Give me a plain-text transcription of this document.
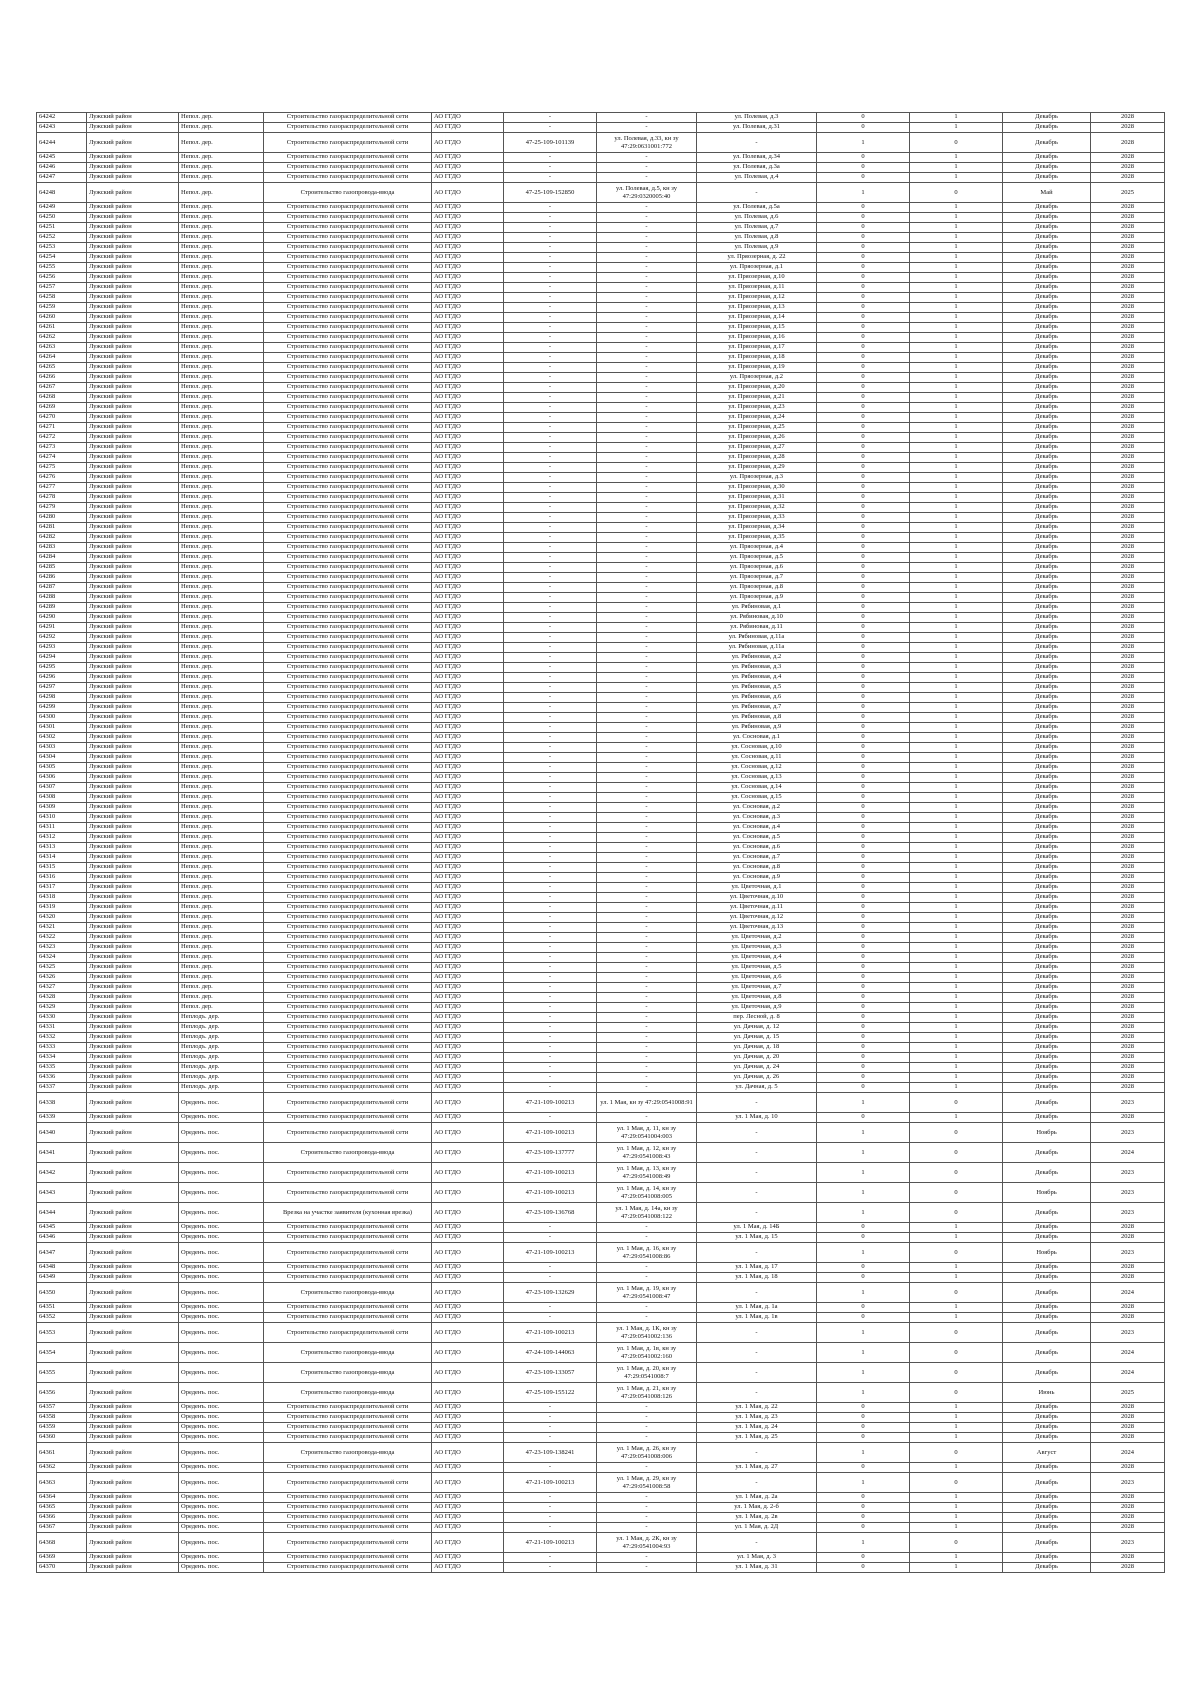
64242	Лужский район	Непол. дер.	Строительство газораспределительной сети	АО ГГДО	-	-	ул. Полевая, д.3	0	1	Декабрь	2028
64243	Лужский район	Непол. дер.	Строительство газораспределительной сети	АО ГГДО	-	-	ул. Полевая, д.31	0	1	Декабрь	2028
64244	Лужский район	Непол. дер.	Строительство газораспределительной сети	АО ГГДО	47-25-109-101139	ул. Полевая, д.33, кн зу 47:29:0631001:772	-	1	0	Декабрь	2028
64245	Лужский район	Непол. дер.	Строительство газораспределительной сети	АО ГГДО	-	-	ул. Полевая, д.34	0	1	Декабрь	2028
64246	Лужский район	Непол. дер.	Строительство газораспределительной сети	АО ГГДО	-	-	ул. Полевая, д.3а	0	1	Декабрь	2028
64247	Лужский район	Непол. дер.	Строительство газораспределительной сети	АО ГГДО	-	-	ул. Полевая, д.4	0	1	Декабрь	2028
64248	Лужский район	Непол. дер.	Строительство газопровода-ввода	АО ГГДО	47-25-109-152850	ул. Полевая, д.5, кн зу 47:29:0320005:40	-	1	0	Май	2025
64249	Лужский район	Непол. дер.	Строительство газораспределительной сети	АО ГГДО	-	-	ул. Полевая, д.5а	0	1	Декабрь	2028
64250	Лужский район	Непол. дер.	Строительство газораспределительной сети	АО ГГДО	-	-	ул. Полевая, д.6	0	1	Декабрь	2028
64251	Лужский район	Непол. дер.	Строительство газораспределительной сети	АО ГГДО	-	-	ул. Полевая, д.7	0	1	Декабрь	2028
64252	Лужский район	Непол. дер.	Строительство газораспределительной сети	АО ГГДО	-	-	ул. Полевая, д.8	0	1	Декабрь	2028
64253	Лужский район	Непол. дер.	Строительство газораспределительной сети	АО ГГДО	-	-	ул. Полевая, д.9	0	1	Декабрь	2028
64254	Лужский район	Непол. дер.	Строительство газораспределительной сети	АО ГГДО	-	-	ул. Пряозерная, д. 22	0	1	Декабрь	2028
64255	Лужский район	Непол. дер.	Строительство газораспределительной сети	АО ГГДО	-	-	ул. Пряозерная, д.1	0	1	Декабрь	2028
64256	Лужский район	Непол. дер.	Строительство газораспределительной сети	АО ГГДО	-	-	ул. Пряозерная, д.10	0	1	Декабрь	2028
64257	Лужский район	Непол. дер.	Строительство газораспределительной сети	АО ГГДО	-	-	ул. Пряозерная, д.11	0	1	Декабрь	2028
64258	Лужский район	Непол. дер.	Строительство газораспределительной сети	АО ГГДО	-	-	ул. Пряозерная, д.12	0	1	Декабрь	2028
64259	Лужский район	Непол. дер.	Строительство газораспределительной сети	АО ГГДО	-	-	ул. Пряозерная, д.13	0	1	Декабрь	2028
64260	Лужский район	Непол. дер.	Строительство газораспределительной сети	АО ГГДО	-	-	ул. Пряозерная, д.14	0	1	Декабрь	2028
64261	Лужский район	Непол. дер.	Строительство газораспределительной сети	АО ГГДО	-	-	ул. Пряозерная, д.15	0	1	Декабрь	2028
64262	Лужский район	Непол. дер.	Строительство газораспределительной сети	АО ГГДО	-	-	ул. Пряозерная, д.16	0	1	Декабрь	2028
64263	Лужский район	Непол. дер.	Строительство газораспределительной сети	АО ГГДО	-	-	ул. Пряозерная, д.17	0	1	Декабрь	2028
64264	Лужский район	Непол. дер.	Строительство газораспределительной сети	АО ГГДО	-	-	ул. Пряозерная, д.18	0	1	Декабрь	2028
64265	Лужский район	Непол. дер.	Строительство газораспределительной сети	АО ГГДО	-	-	ул. Пряозерная, д.19	0	1	Декабрь	2028
64266	Лужский район	Непол. дер.	Строительство газораспределительной сети	АО ГГДО	-	-	ул. Пряозерная, д.2	0	1	Декабрь	2028
64267	Лужский район	Непол. дер.	Строительство газораспределительной сети	АО ГГДО	-	-	ул. Пряозерная, д.20	0	1	Декабрь	2028
64268	Лужский район	Непол. дер.	Строительство газораспределительной сети	АО ГГДО	-	-	ул. Пряозерная, д.21	0	1	Декабрь	2028
64269	Лужский район	Непол. дер.	Строительство газораспределительной сети	АО ГГДО	-	-	ул. Пряозерная, д.23	0	1	Декабрь	2028
64270	Лужский район	Непол. дер.	Строительство газораспределительной сети	АО ГГДО	-	-	ул. Пряозерная, д.24	0	1	Декабрь	2028
64271	Лужский район	Непол. дер.	Строительство газораспределительной сети	АО ГГДО	-	-	ул. Пряозерная, д.25	0	1	Декабрь	2028
64272	Лужский район	Непол. дер.	Строительство газораспределительной сети	АО ГГДО	-	-	ул. Пряозерная, д.26	0	1	Декабрь	2028
64273	Лужский район	Непол. дер.	Строительство газораспределительной сети	АО ГГДО	-	-	ул. Пряозерная, д.27	0	1	Декабрь	2028
64274	Лужский район	Непол. дер.	Строительство газораспределительной сети	АО ГГДО	-	-	ул. Пряозерная, д.28	0	1	Декабрь	2028
64275	Лужский район	Непол. дер.	Строительство газораспределительной сети	АО ГГДО	-	-	ул. Пряозерная, д.29	0	1	Декабрь	2028
64276	Лужский район	Непол. дер.	Строительство газораспределительной сети	АО ГГДО	-	-	ул. Пряозерная, д.3	0	1	Декабрь	2028
64277	Лужский район	Непол. дер.	Строительство газораспределительной сети	АО ГГДО	-	-	ул. Пряозерная, д.30	0	1	Декабрь	2028
64278	Лужский район	Непол. дер.	Строительство газораспределительной сети	АО ГГДО	-	-	ул. Пряозерная, д.31	0	1	Декабрь	2028
64279	Лужский район	Непол. дер.	Строительство газораспределительной сети	АО ГГДО	-	-	ул. Пряозерная, д.32	0	1	Декабрь	2028
64280	Лужский район	Непол. дер.	Строительство газораспределительной сети	АО ГГДО	-	-	ул. Пряозерная, д.33	0	1	Декабрь	2028
64281	Лужский район	Непол. дер.	Строительство газораспределительной сети	АО ГГДО	-	-	ул. Пряозерная, д.34	0	1	Декабрь	2028
64282	Лужский район	Непол. дер.	Строительство газораспределительной сети	АО ГГДО	-	-	ул. Пряозерная, д.35	0	1	Декабрь	2028
64283	Лужский район	Непол. дер.	Строительство газораспределительной сети	АО ГГДО	-	-	ул. Пряозерная, д.4	0	1	Декабрь	2028
64284	Лужский район	Непол. дер.	Строительство газораспределительной сети	АО ГГДО	-	-	ул. Пряозерная, д.5	0	1	Декабрь	2028
64285	Лужский район	Непол. дер.	Строительство газораспределительной сети	АО ГГДО	-	-	ул. Пряозерная, д.6	0	1	Декабрь	2028
64286	Лужский район	Непол. дер.	Строительство газораспределительной сети	АО ГГДО	-	-	ул. Пряозерная, д.7	0	1	Декабрь	2028
64287	Лужский район	Непол. дер.	Строительство газораспределительной сети	АО ГГДО	-	-	ул. Пряозерная, д.8	0	1	Декабрь	2028
64288	Лужский район	Непол. дер.	Строительство газораспределительной сети	АО ГГДО	-	-	ул. Пряозерная, д.9	0	1	Декабрь	2028
64289	Лужский район	Непол. дер.	Строительство газораспределительной сети	АО ГГДО	-	-	ул. Рябиновая, д.1	0	1	Декабрь	2028
64290	Лужский район	Непол. дер.	Строительство газораспределительной сети	АО ГГДО	-	-	ул. Рябиновая, д.10	0	1	Декабрь	2028
64291	Лужский район	Непол. дер.	Строительство газораспределительной сети	АО ГГДО	-	-	ул. Рябиновая, д.11	0	1	Декабрь	2028
64292	Лужский район	Непол. дер.	Строительство газораспределительной сети	АО ГГДО	-	-	ул. Рябиновая, д.11а	0	1	Декабрь	2028
64293	Лужский район	Непол. дер.	Строительство газораспределительной сети	АО ГГДО	-	-	ул. Рябиновая, д.11а	0	1	Декабрь	2028
64294	Лужский район	Непол. дер.	Строительство газораспределительной сети	АО ГГДО	-	-	ул. Рябиновая, д.2	0	1	Декабрь	2028
64295	Лужский район	Непол. дер.	Строительство газораспределительной сети	АО ГГДО	-	-	ул. Рябиновая, д.3	0	1	Декабрь	2028
64296	Лужский район	Непол. дер.	Строительство газораспределительной сети	АО ГГДО	-	-	ул. Рябиновая, д.4	0	1	Декабрь	2028
64297	Лужский район	Непол. дер.	Строительство газораспределительной сети	АО ГГДО	-	-	ул. Рябиновая, д.5	0	1	Декабрь	2028
64298	Лужский район	Непол. дер.	Строительство газораспределительной сети	АО ГГДО	-	-	ул. Рябиновая, д.6	0	1	Декабрь	2028
64299	Лужский район	Непол. дер.	Строительство газораспределительной сети	АО ГГДО	-	-	ул. Рябиновая, д.7	0	1	Декабрь	2028
64300	Лужский район	Непол. дер.	Строительство газораспределительной сети	АО ГГДО	-	-	ул. Рябиновая, д.8	0	1	Декабрь	2028
64301	Лужский район	Непол. дер.	Строительство газораспределительной сети	АО ГГДО	-	-	ул. Рябиновая, д.9	0	1	Декабрь	2028
64302	Лужский район	Непол. дер.	Строительство газораспределительной сети	АО ГГДО	-	-	ул. Сосновая, д.1	0	1	Декабрь	2028
64303	Лужский район	Непол. дер.	Строительство газораспределительной сети	АО ГГДО	-	-	ул. Сосновая, д.10	0	1	Декабрь	2028
64304	Лужский район	Непол. дер.	Строительство газораспределительной сети	АО ГГДО	-	-	ул. Сосновая, д.11	0	1	Декабрь	2028
64305	Лужский район	Непол. дер.	Строительство газораспределительной сети	АО ГГДО	-	-	ул. Сосновая, д.12	0	1	Декабрь	2028
64306	Лужский район	Непол. дер.	Строительство газораспределительной сети	АО ГГДО	-	-	ул. Сосновая, д.13	0	1	Декабрь	2028
64307	Лужский район	Непол. дер.	Строительство газораспределительной сети	АО ГГДО	-	-	ул. Сосновая, д.14	0	1	Декабрь	2028
64308	Лужский район	Непол. дер.	Строительство газораспределительной сети	АО ГГДО	-	-	ул. Сосновая, д.15	0	1	Декабрь	2028
64309	Лужский район	Непол. дер.	Строительство газораспределительной сети	АО ГГДО	-	-	ул. Сосновая, д.2	0	1	Декабрь	2028
64310	Лужский район	Непол. дер.	Строительство газораспределительной сети	АО ГГДО	-	-	ул. Сосновая, д.3	0	1	Декабрь	2028
64311	Лужский район	Непол. дер.	Строительство газораспределительной сети	АО ГГДО	-	-	ул. Сосновая, д.4	0	1	Декабрь	2028
64312	Лужский район	Непол. дер.	Строительство газораспределительной сети	АО ГГДО	-	-	ул. Сосновая, д.5	0	1	Декабрь	2028
64313	Лужский район	Непол. дер.	Строительство газораспределительной сети	АО ГГДО	-	-	ул. Сосновая, д.6	0	1	Декабрь	2028
64314	Лужский район	Непол. дер.	Строительство газораспределительной сети	АО ГГДО	-	-	ул. Сосновая, д.7	0	1	Декабрь	2028
64315	Лужский район	Непол. дер.	Строительство газораспределительной сети	АО ГГДО	-	-	ул. Сосновая, д.8	0	1	Декабрь	2028
64316	Лужский район	Непол. дер.	Строительство газораспределительной сети	АО ГГДО	-	-	ул. Сосновая, д.9	0	1	Декабрь	2028
64317	Лужский район	Непол. дер.	Строительство газораспределительной сети	АО ГГДО	-	-	ул. Цветочная, д.1	0	1	Декабрь	2028
64318	Лужский район	Непол. дер.	Строительство газораспределительной сети	АО ГГДО	-	-	ул. Цветочная, д.10	0	1	Декабрь	2028
64319	Лужский район	Непол. дер.	Строительство газораспределительной сети	АО ГГДО	-	-	ул. Цветочная, д.11	0	1	Декабрь	2028
64320	Лужский район	Непол. дер.	Строительство газораспределительной сети	АО ГГДО	-	-	ул. Цветочная, д.12	0	1	Декабрь	2028
64321	Лужский район	Непол. дер.	Строительство газораспределительной сети	АО ГГДО	-	-	ул. Цветочная, д.13	0	1	Декабрь	2028
64322	Лужский район	Непол. дер.	Строительство газораспределительной сети	АО ГГДО	-	-	ул. Цветочная, д.2	0	1	Декабрь	2028
64323	Лужский район	Непол. дер.	Строительство газораспределительной сети	АО ГГДО	-	-	ул. Цветочная, д.3	0	1	Декабрь	2028
64324	Лужский район	Непол. дер.	Строительство газораспределительной сети	АО ГГДО	-	-	ул. Цветочная, д.4	0	1	Декабрь	2028
64325	Лужский район	Непол. дер.	Строительство газораспределительной сети	АО ГГДО	-	-	ул. Цветочная, д.5	0	1	Декабрь	2028
64326	Лужский район	Непол. дер.	Строительство газораспределительной сети	АО ГГДО	-	-	ул. Цветочная, д.6	0	1	Декабрь	2028
64327	Лужский район	Непол. дер.	Строительство газораспределительной сети	АО ГГДО	-	-	ул. Цветочная, д.7	0	1	Декабрь	2028
64328	Лужский район	Непол. дер.	Строительство газораспределительной сети	АО ГГДО	-	-	ул. Цветочная, д.8	0	1	Декабрь	2028
64329	Лужский район	Непол. дер.	Строительство газораспределительной сети	АО ГГДО	-	-	ул. Цветочная, д.9	0	1	Декабрь	2028
64330	Лужский район	Неплодъ. дер.	Строительство газораспределительной сети	АО ГГДО	-	-	пер. Лесной, д. 8	0	1	Декабрь	2028
64331	Лужский район	Неплодъ. дер.	Строительство газораспределительной сети	АО ГГДО	-	-	ул. Дачная, д. 12	0	1	Декабрь	2028
64332	Лужский район	Неплодъ. дер.	Строительство газораспределительной сети	АО ГГДО	-	-	ул. Дачная, д. 15	0	1	Декабрь	2028
64333	Лужский район	Неплодъ. дер.	Строительство газораспределительной сети	АО ГГДО	-	-	ул. Дачная, д. 18	0	1	Декабрь	2028
64334	Лужский район	Неплодъ. дер.	Строительство газораспределительной сети	АО ГГДО	-	-	ул. Дачная, д. 20	0	1	Декабрь	2028
64335	Лужский район	Неплодъ. дер.	Строительство газораспределительной сети	АО ГГДО	-	-	ул. Дачная, д. 24	0	1	Декабрь	2028
64336	Лужский район	Неплодъ. дер.	Строительство газораспределительной сети	АО ГГДО	-	-	ул. Дачная, д. 26	0	1	Декабрь	2028
64337	Лужский район	Неплодъ. дер.	Строительство газораспределительной сети	АО ГГДО	-	-	ул. Дачная, д. 5	0	1	Декабрь	2028
64338	Лужский район	Ореденъ. пос.	Строительство газораспределительной сети	АО ГГДО	47-21-109-100213	ул. 1 Мая, кн зу 47:29:0541008:91	-	1	0	Декабрь	2023
64339	Лужский район	Ореденъ. пос.	Строительство газораспределительной сети	АО ГГДО	-	-	ул. 1 Мая, д. 10	0	1	Декабрь	2028
64340	Лужский район	Ореденъ. пос.	Строительство газораспределительной сети	АО ГГДО	47-21-109-100213	ул. 1 Мая, д. 11, кн зу 47:29:0541004:003	-	1	0	Ноябрь	2023
64341	Лужский район	Ореденъ. пос.	Строительство газопровода-ввода	АО ГГДО	47-23-109-137777	ул. 1 Мая, д. 12, кн зу 47:29:0541008:43	-	1	0	Декабрь	2024
64342	Лужский район	Ореденъ. пос.	Строительство газораспределительной сети	АО ГГДО	47-21-109-100213	ул. 1 Мая, д. 13, кн зу 47:29:0541008:49	-	1	0	Декабрь	2023
64343	Лужский район	Ореденъ. пос.	Строительство газораспределительной сети	АО ГГДО	47-21-109-100213	ул. 1 Мая, д. 14, кн зу 47:29:0541008:005	-	1	0	Ноябрь	2023
64344	Лужский район	Ореденъ. пос.	Врезка на участке заявителя (кухонная врезка)	АО ГГДО	47-23-109-136768	ул. 1 Мая, д. 14а, кн зу 47:29:0541008:122	-	1	0	Декабрь	2023
64345	Лужский район	Ореденъ. пос.	Строительство газораспределительной сети	АО ГГДО	-	-	ул. 1 Мая, д. 14Б	0	1	Декабрь	2028
64346	Лужский район	Ореденъ. пос.	Строительство газораспределительной сети	АО ГГДО	-	-	ул. 1 Мая, д. 15	0	1	Декабрь	2028
64347	Лужский район	Ореденъ. пос.	Строительство газораспределительной сети	АО ГГДО	47-21-109-100213	ул. 1 Мая, д. 16, кн зу 47:29:0541008:86	-	1	0	Ноябрь	2023
64348	Лужский район	Ореденъ. пос.	Строительство газораспределительной сети	АО ГГДО	-	-	ул. 1 Мая, д. 17	0	1	Декабрь	2028
64349	Лужский район	Ореденъ. пос.	Строительство газораспределительной сети	АО ГГДО	-	-	ул. 1 Мая, д. 18	0	1	Декабрь	2028
64350	Лужский район	Ореденъ. пос.	Строительство газопровода-ввода	АО ГГДО	47-23-109-132629	ул. 1 Мая, д. 19, кн зу 47:29:0541008:47	-	1	0	Декабрь	2024
64351	Лужский район	Ореденъ. пос.	Строительство газораспределительной сети	АО ГГДО	-	-	ул. 1 Мая, д. 1а	0	1	Декабрь	2028
64352	Лужский район	Ореденъ. пос.	Строительство газораспределительной сети	АО ГГДО	-	-	ул. 1 Мая, д. 1в	0	1	Декабрь	2028
64353	Лужский район	Ореденъ. пос.	Строительство газораспределительной сети	АО ГГДО	47-21-109-100213	ул. 1 Мая, д. 1К, кн зу 47:29:0541002:136	-	1	0	Декабрь	2023
64354	Лужский район	Ореденъ. пос.	Строительство газопровода-ввода	АО ГГДО	47-24-109-144063	ул. 1 Мая, д. 1в, кн зу 47:29:0541002:160	-	1	0	Декабрь	2024
64355	Лужский район	Ореденъ. пос.	Строительство газопровода-ввода	АО ГГДО	47-23-109-133057	ул. 1 Мая, д. 20, кн зу 47:29:0541008:7	-	1	0	Декабрь	2024
64356	Лужский район	Ореденъ. пос.	Строительство газопровода-ввода	АО ГГДО	47-25-109-155122	ул. 1 Мая, д. 21, кн зу 47:29:0541008:126	-	1	0	Июнь	2025
64357	Лужский район	Ореденъ. пос.	Строительство газораспределительной сети	АО ГГДО	-	-	ул. 1 Мая, д. 22	0	1	Декабрь	2028
64358	Лужский район	Ореденъ. пос.	Строительство газораспределительной сети	АО ГГДО	-	-	ул. 1 Мая, д. 23	0	1	Декабрь	2028
64359	Лужский район	Ореденъ. пос.	Строительство газораспределительной сети	АО ГГДО	-	-	ул. 1 Мая, д. 24	0	1	Декабрь	2028
64360	Лужский район	Ореденъ. пос.	Строительство газораспределительной сети	АО ГГДО	-	-	ул. 1 Мая, д. 25	0	1	Декабрь	2028
64361	Лужский район	Ореденъ. пос.	Строительство газопровода-ввода	АО ГГДО	47-23-109-138241	ул. 1 Мая, д. 26, кн зу 47:29:0541008:006	-	1	0	Август	2024
64362	Лужский район	Ореденъ. пос.	Строительство газораспределительной сети	АО ГГДО	-	-	ул. 1 Мая, д. 27	0	1	Декабрь	2028
64363	Лужский район	Ореденъ. пос.	Строительство газораспределительной сети	АО ГГДО	47-21-109-100213	ул. 1 Мая, д. 29, кн зу 47:29:0541008:58	-	1	0	Декабрь	2023
64364	Лужский район	Ореденъ. пос.	Строительство газораспределительной сети	АО ГГДО	-	-	ул. 1 Мая, д. 2а	0	1	Декабрь	2028
64365	Лужский район	Ореденъ. пос.	Строительство газораспределительной сети	АО ГГДО	-	-	ул. 1 Мая, д. 2-б	0	1	Декабрь	2028
64366	Лужский район	Ореденъ. пос.	Строительство газораспределительной сети	АО ГГДО	-	-	ул. 1 Мая, д. 2в	0	1	Декабрь	2028
64367	Лужский район	Ореденъ. пос.	Строительство газораспределительной сети	АО ГГДО	-	-	ул. 1 Мая, д. 2Д	0	1	Декабрь	2028
64368	Лужский район	Ореденъ. пос.	Строительство газораспределительной сети	АО ГГДО	47-21-109-100213	ул. 1 Мая, д. 2К, кн зу 47:29:0541004:93	-	1	0	Декабрь	2023
64369	Лужский район	Ореденъ. пос.	Строительство газораспределительной сети	АО ГГДО	-	-	ул. 1 Мая, д. 3	0	1	Декабрь	2028
64370	Лужский район	Ореденъ. пос.	Строительство газораспределительной сети	АО ГГДО	-	-	ул. 1 Мая, д. 31	0	1	Декабрь	2028
